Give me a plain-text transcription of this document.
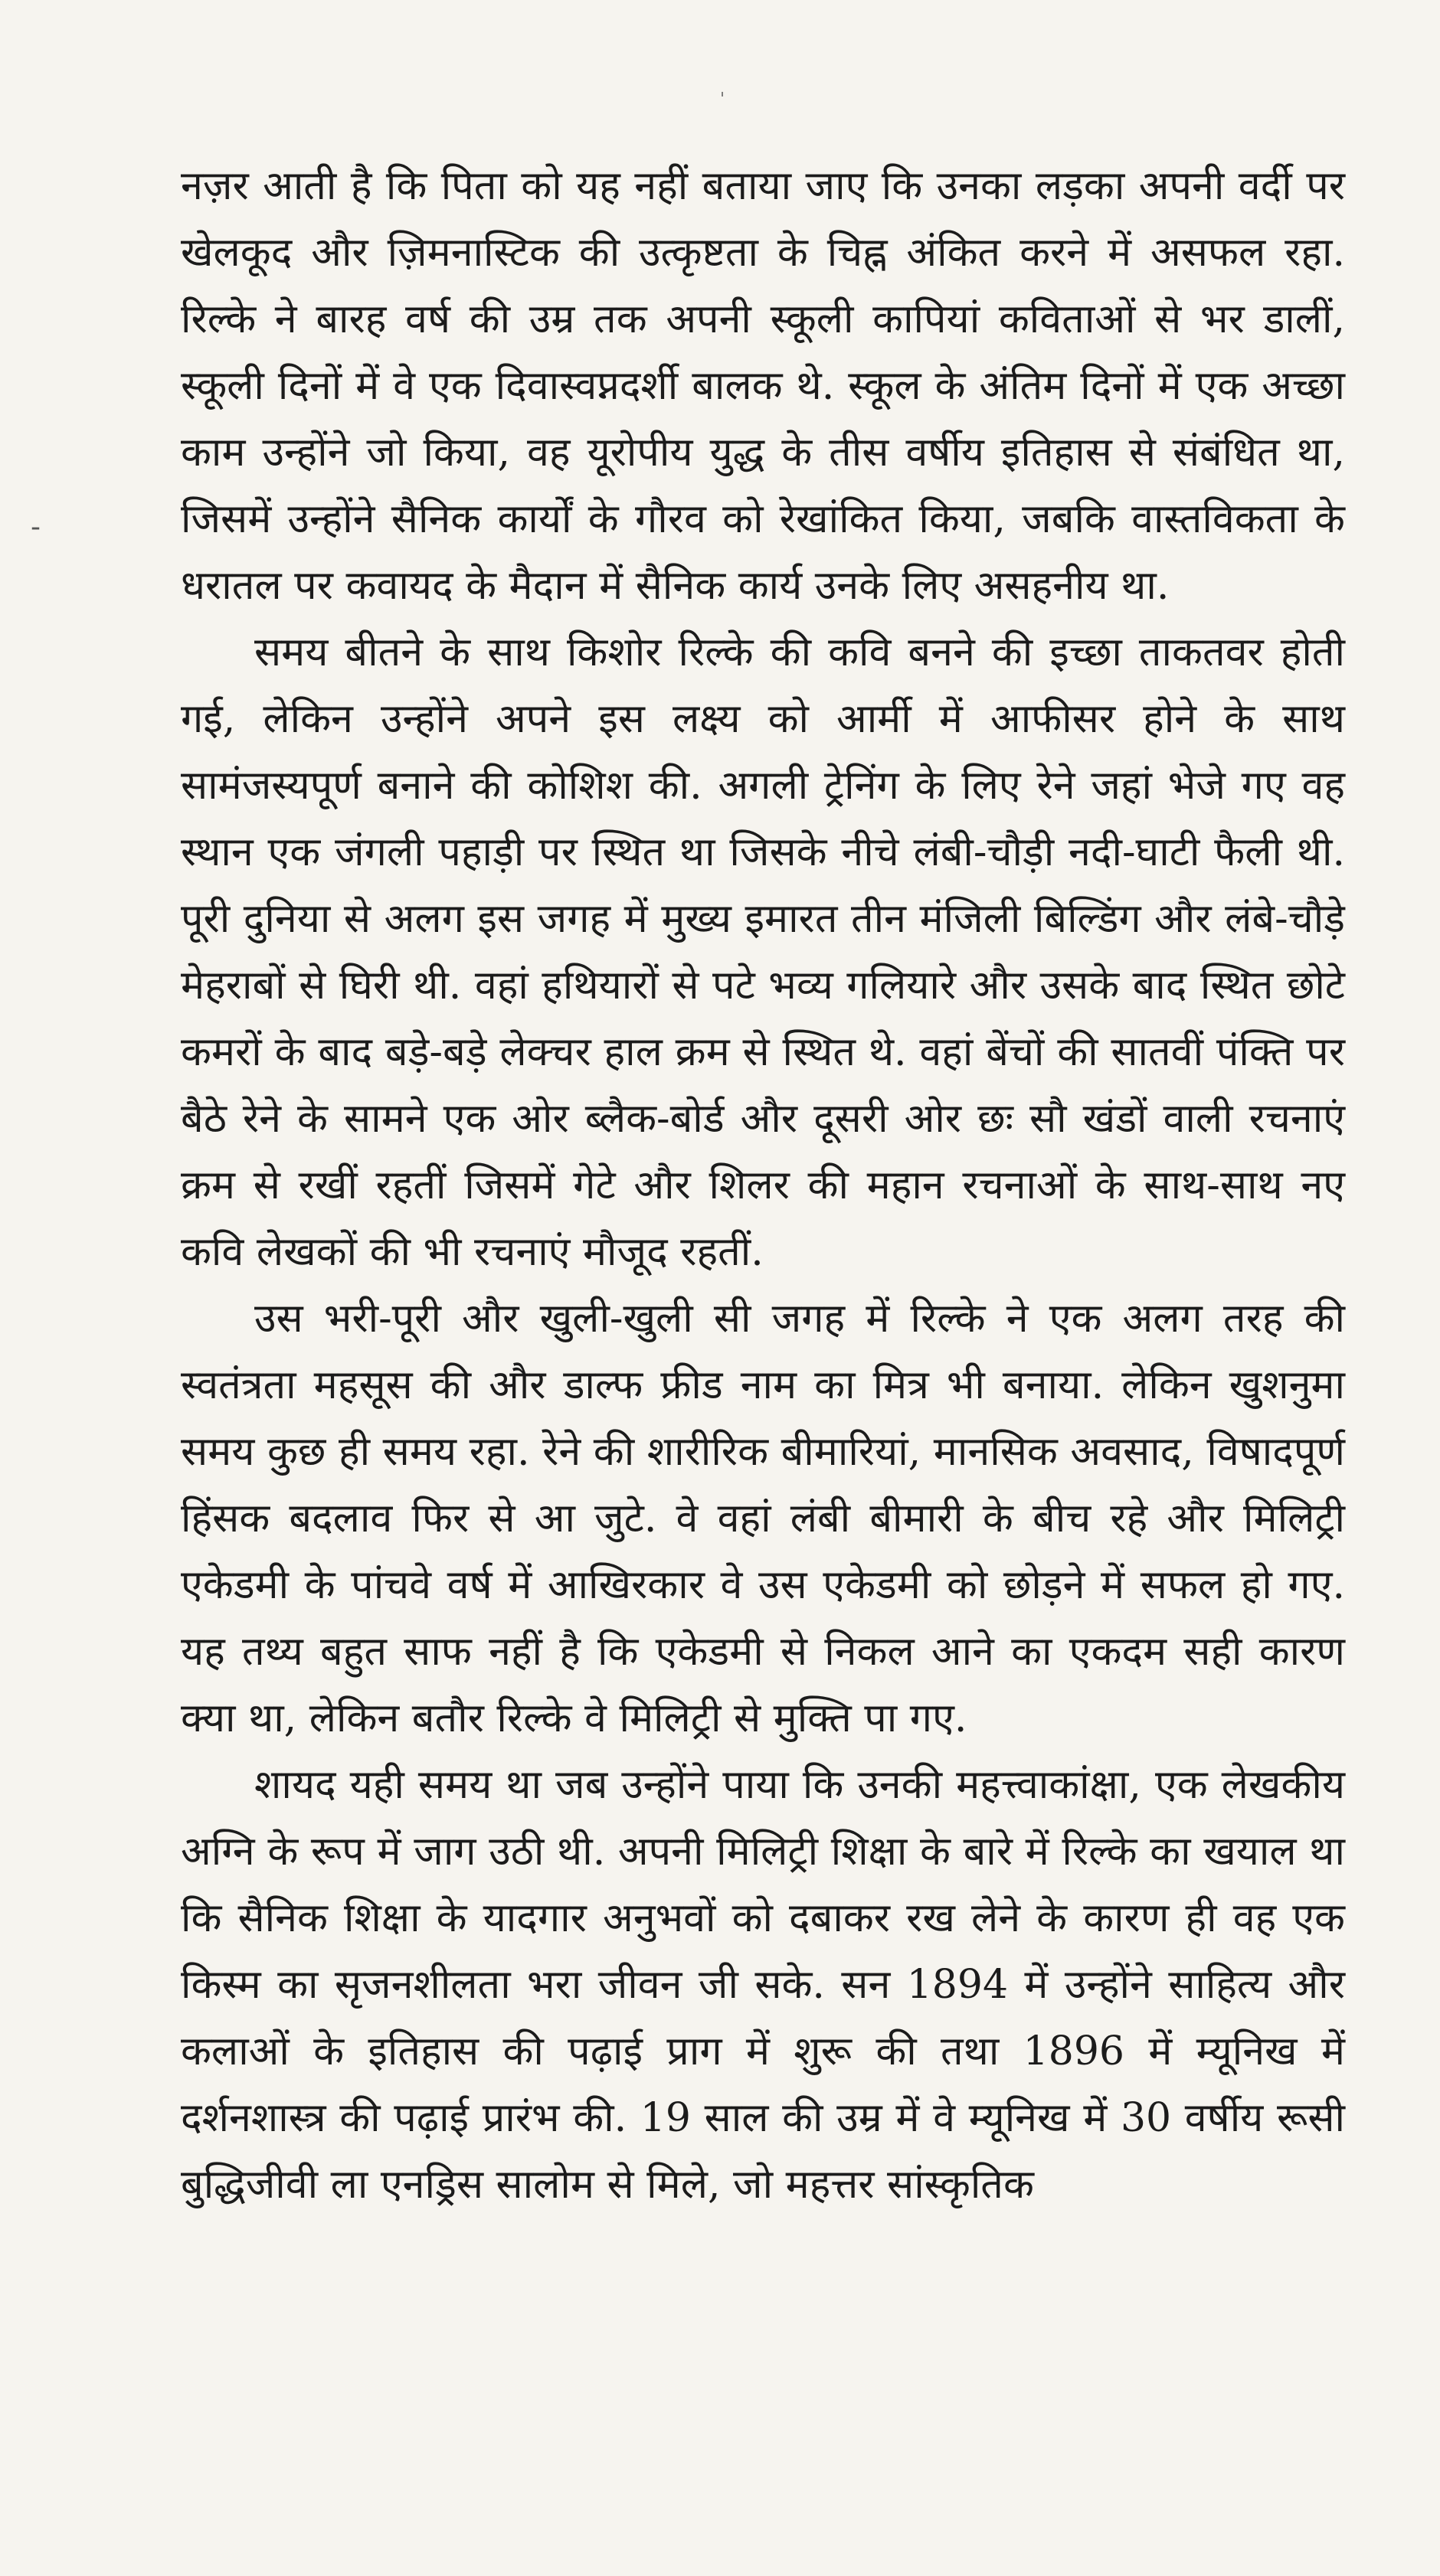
ˈ
-

नज़र आती है कि पिता को यह नहीं बताया जाए कि उनका लड़का अपनी वर्दी पर खेलकूद और ज़िमनास्टिक की उत्कृष्टता के चिह्न अंकित करने में असफल रहा. रिल्के ने बारह वर्ष की उम्र तक अपनी स्कूली कापियां कविताओं से भर डालीं, स्कूली दिनों में वे एक दिवास्वप्नदर्शी बालक थे. स्कूल के अंतिम दिनों में एक अच्छा काम उन्होंने जो किया, वह यूरोपीय युद्ध के तीस वर्षीय इतिहास से संबंधित था, जिसमें उन्होंने सैनिक कार्यों के गौरव को रेखांकित किया, जबकि वास्तविकता के धरातल पर कवायद के मैदान में सैनिक कार्य उनके लिए असहनीय था.

समय बीतने के साथ किशोर रिल्के की कवि बनने की इच्छा ताकतवर होती गई, लेकिन उन्होंने अपने इस लक्ष्य को आर्मी में आफीसर होने के साथ सामंजस्यपूर्ण बनाने की कोशिश की. अगली ट्रेनिंग के लिए रेने जहां भेजे गए वह स्थान एक जंगली पहाड़ी पर स्थित था जिसके नीचे लंबी-चौड़ी नदी-घाटी फैली थी. पूरी दुनिया से अलग इस जगह में मुख्य इमारत तीन मंजिली बिल्डिंग और लंबे-चौड़े मेहराबों से घिरी थी. वहां हथियारों से पटे भव्य गलियारे और उसके बाद स्थित छोटे कमरों के बाद बड़े-बड़े लेक्चर हाल क्रम से स्थित थे. वहां बेंचों की सातवीं पंक्ति पर बैठे रेने के सामने एक ओर ब्लैक-बोर्ड और दूसरी ओर छः सौ खंडों वाली रचनाएं क्रम से रखीं रहतीं जिसमें गेटे और शिलर की महान रचनाओं के साथ-साथ नए कवि लेखकों की भी रचनाएं मौजूद रहतीं.

उस भरी-पूरी और खुली-खुली सी जगह में रिल्के ने एक अलग तरह की स्वतंत्रता महसूस की और डाल्फ फ्रीड नाम का मित्र भी बनाया. लेकिन खुशनुमा समय कुछ ही समय रहा. रेने की शारीरिक बीमारियां, मानसिक अवसाद, विषादपूर्ण हिंसक बदलाव फिर से आ जुटे. वे वहां लंबी बीमारी के बीच रहे और मिलिट्री एकेडमी के पांचवे वर्ष में आखिरकार वे उस एकेडमी को छोड़ने में सफल हो गए. यह तथ्य बहुत साफ नहीं है कि एकेडमी से निकल आने का एकदम सही कारण क्या था, लेकिन बतौर रिल्के वे मिलिट्री से मुक्ति पा गए.

शायद यही समय था जब उन्होंने पाया कि उनकी महत्त्वाकांक्षा, एक लेखकीय अग्नि के रूप में जाग उठी थी. अपनी मिलिट्री शिक्षा के बारे में रिल्के का खयाल था कि सैनिक शिक्षा के यादगार अनुभवों को दबाकर रख लेने के कारण ही वह एक किस्म का सृजनशीलता भरा जीवन जी सके. सन 1894 में उन्होंने साहित्य और कलाओं के इतिहास की पढ़ाई प्राग में शुरू की तथा 1896 में म्यूनिख में दर्शनशास्त्र की पढ़ाई प्रारंभ की. 19 साल की उम्र में वे म्यूनिख में 30 वर्षीय रूसी बुद्धिजीवी ला एनड्रिस सालोम से मिले, जो महत्तर सांस्कृतिक
